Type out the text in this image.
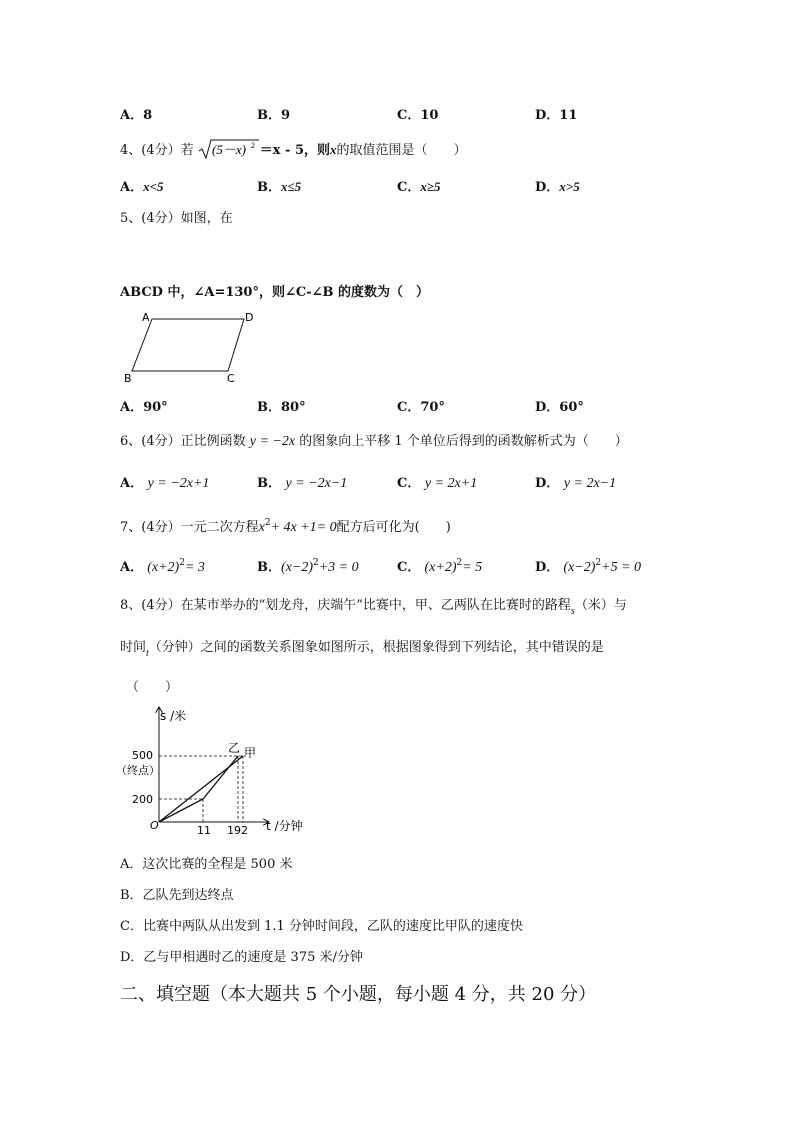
A．8	B．9	C．10	D．11
4、(4分）若 (5－x) 2 ＝x - 5，则x的取值范围是（　　）
A．x<5	B．x≤5	C．x≥5	D．x>5
5、(4分）如图，在
ABCD 中，∠A=130°，则∠C-∠B 的度数为（　）
A	D
B	C
A．90°	B．80°	C．70°	D．60°
6、(4分）正比例函数 y = −2x 的图象向上平移 1 个单位后得到的函数解析式为（　　）
A． y = −2x+1	B． y = −2x−1	C． y = 2x+1	D． y = 2x−1
7、(4分）一元二次方程$x^2+ 4x +1= 0$配方后可化为(　　)
A． $(x+2)^2= 3$	B．$(x-2)^2+3 = 0$	C． $(x+2)^2= 5$	D． $(x-2)^2+5 = 0$
8、(4分）在某市举办的“划龙舟，庆端午”比赛中，甲、乙两队在比赛时的路程$_s$（米）与
时间$_t$（分钟）之间的函数关系图象如图所示，根据图象得到下列结论，其中错误的是
（　　）
s /米
t /分钟
500
（终点）
200
O	11 19 2
乙 甲
A．这次比赛的全程是 500 米
B．乙队先到达终点
C．比赛中两队从出发到 1.1 分钟时间段，乙队的速度比甲队的速度快
D．乙与甲相遇时乙的速度是 375 米/分钟
二、填空题（本大题共 5 个小题，每小题 4 分，共 20 分）
